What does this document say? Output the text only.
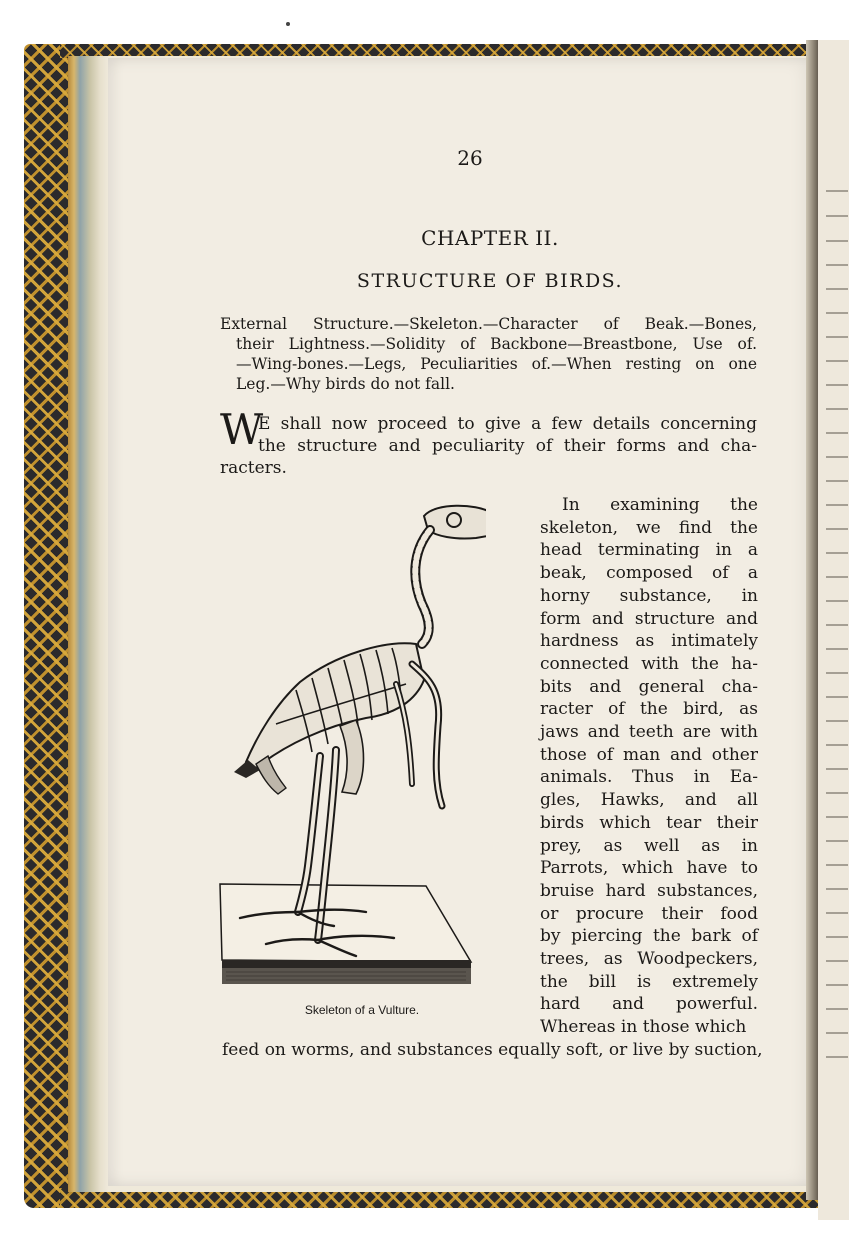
26
CHAPTER II.
STRUCTURE OF BIRDS.

External Structure.—Skeleton.—Character of Beak.—Bones,

their Lightness.—Solidity of Backbone—Breastbone, Use of.

—Wing-bones.—Legs, Peculiarities of.—When resting on one

Leg.—Why birds do not fall.

W

E shall now proceed to give a few details concerning

the structure and peculiarity of their forms and cha-

racters.

Skeleton of a Vulture.

In examining the

skeleton, we find the

head terminating in a

beak, composed of a

horny substance, in

form and structure and

hardness as intimately

connected with the ha-

bits and general cha-

racter of the bird, as

jaws and teeth are with

those of man and other

animals. Thus in Ea-

gles, Hawks, and all

birds which tear their

prey, as well as in

Parrots, which have to

bruise hard substances,

or procure their food

by piercing the bark of

trees, as Woodpeckers,

the bill is extremely

hard and powerful.

Whereas in those which

feed on worms, and substances equally soft, or live by suction,
